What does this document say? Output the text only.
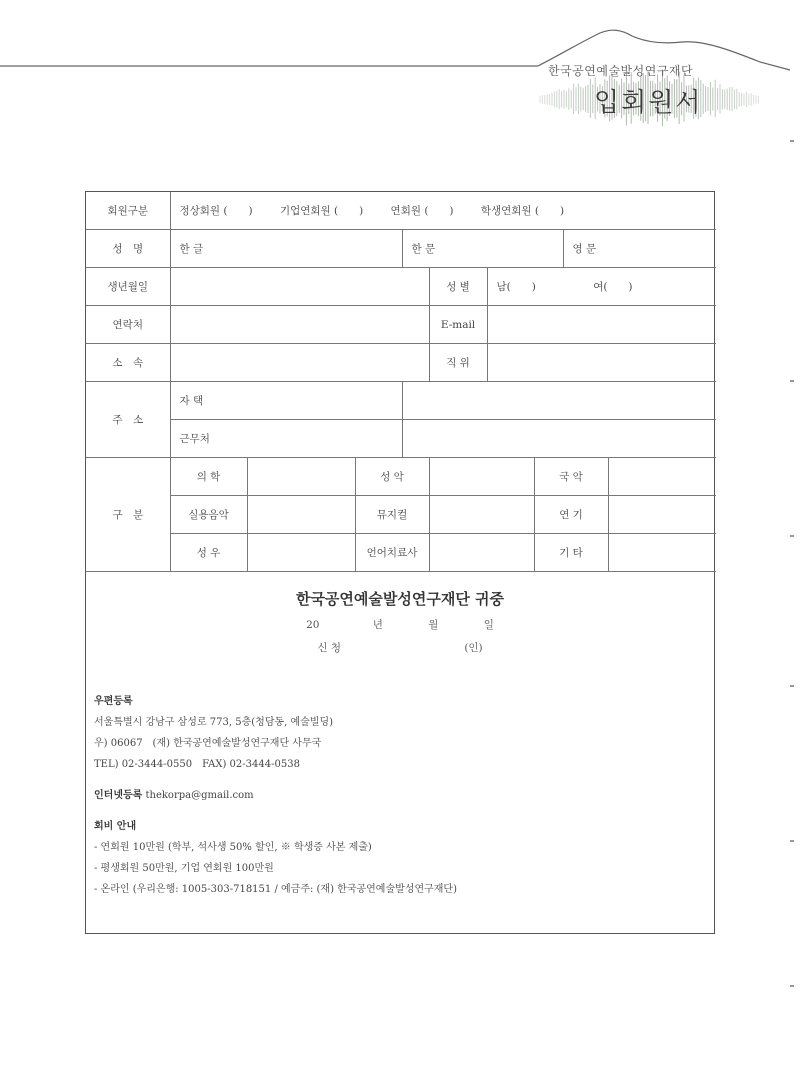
한국공연예술발성연구재단
입회원서
회원구분	정상회원 (　　) 기업연회원 (　　) 연회원 (　　) 학생연회원 (　　)								
성　명	한 글			한 문				영 문	
생년월일					성 별	남(　　) 여(　　)			
연락처					E-mail				
소　속					직 위				
주　소	자 택								
	근무처								
구　분	의 학		성 악				국 악		
	실용음악		뮤지컬				연 기		
	성 우		언어치료사				기 타		
한국공연예술발성연구재단 귀중
20	년	월	일
신 청	(인)
우편등록
서울특별시 강남구 삼성로 773, 5층(청담동, 예술빌딩)
우) 06067　(재) 한국공연예술발성연구재단 사무국
TEL) 02-3444-0550　FAX) 02-3444-0538
인터넷등록 thekorpa@gmail.com
회비 안내
- 연회원 10만원 (학부, 석사생 50% 할인, ※ 학생증 사본 제출)
- 평생회원 50만원, 기업 연회원 100만원
- 온라인 (우리은행: 1005-303-718151 / 예금주: (재) 한국공연예술발성연구재단)
